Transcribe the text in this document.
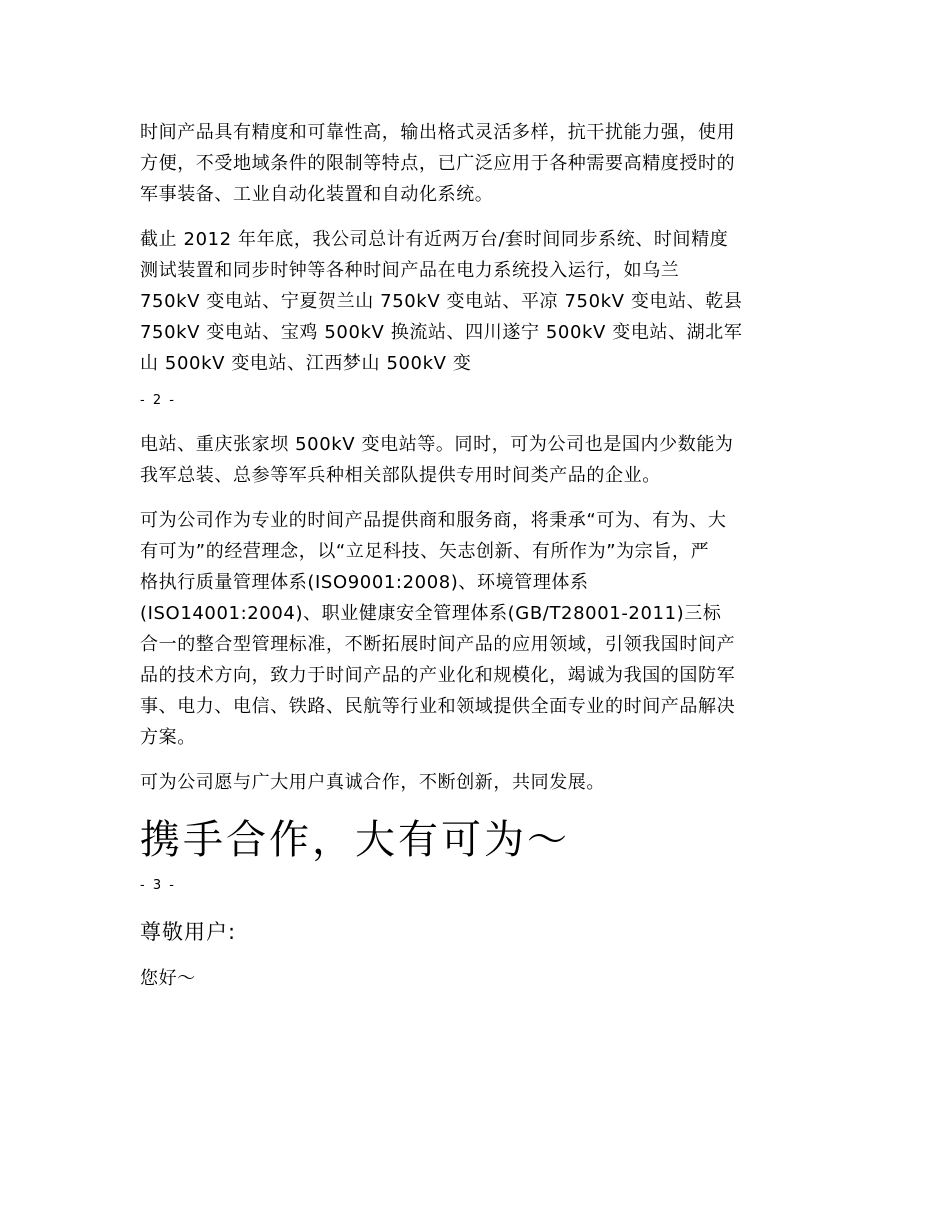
时间产品具有精度和可靠性高，输出格式灵活多样，抗干扰能力强，使用
方便，不受地域条件的限制等特点，已广泛应用于各种需要高精度授时的
军事装备、工业自动化装置和自动化系统。

截止 2012 年年底，我公司总计有近两万台/套时间同步系统、时间精度
测试装置和同步时钟等各种时间产品在电力系统投入运行，如乌兰
750kV 变电站、宁夏贺兰山 750kV 变电站、平凉 750kV 变电站、乾县
750kV 变电站、宝鸡 500kV 换流站、四川遂宁 500kV 变电站、湖北军
山 500kV 变电站、江西梦山 500kV 变

- 2 -

电站、重庆张家坝 500kV 变电站等。同时，可为公司也是国内少数能为
我军总装、总参等军兵种相关部队提供专用时间类产品的企业。

可为公司作为专业的时间产品提供商和服务商，将秉承“可为、有为、大
有可为”的经营理念，以“立足科技、矢志创新、有所作为”为宗旨，严
格执行质量管理体系(ISO9001:2008)、环境管理体系
(ISO14001:2004)、职业健康安全管理体系(GB/T28001-2011)三标
合一的整合型管理标准，不断拓展时间产品的应用领域，引领我国时间产
品的技术方向，致力于时间产品的产业化和规模化，竭诚为我国的国防军
事、电力、电信、铁路、民航等行业和领域提供全面专业的时间产品解决
方案。

可为公司愿与广大用户真诚合作，不断创新，共同发展。

携手合作，大有可为～

- 3 -

尊敬用户:

您好～
